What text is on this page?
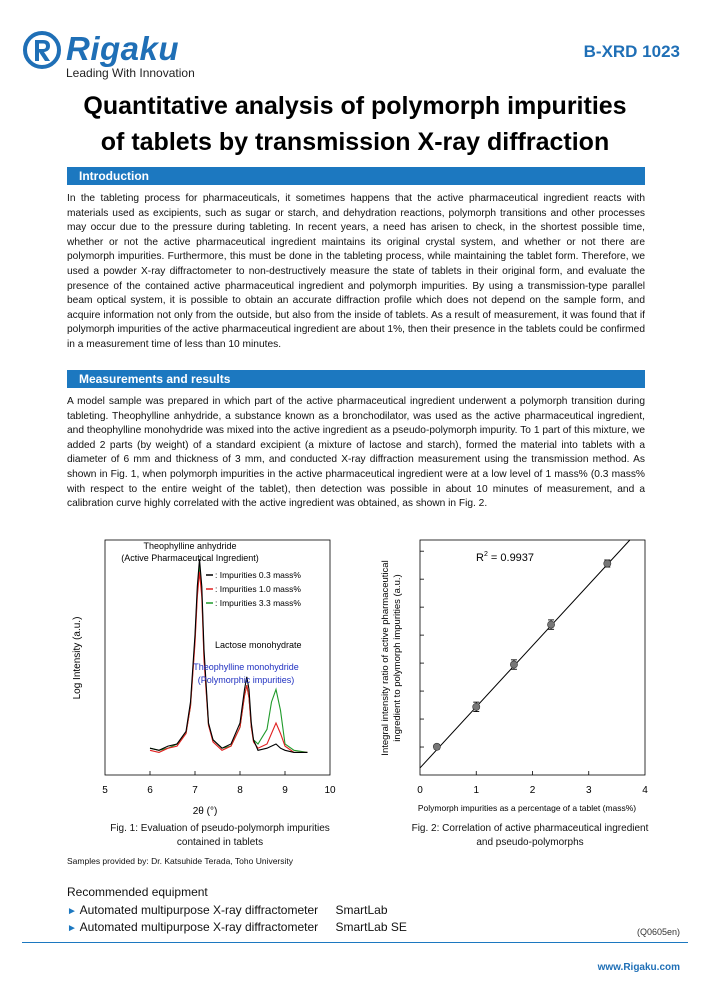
Rigaku
Leading With Innovation
B-XRD 1023
Quantitative analysis of polymorph impurities
of tablets by transmission X-ray diffraction
Introduction

In the tableting process for pharmaceuticals, it sometimes happens that the active pharmaceutical ingredient reacts with materials used as excipients, such as sugar or starch, and dehydration reactions, polymorph transitions and other processes may occur due to the pressure during tableting. In recent years, a need has arisen to check, in the shortest possible time, whether or not the active pharmaceutical ingredient maintains its original crystal system, and whether or not there are polymorph impurities. Furthermore, this must be done in the tableting process, while maintaining the tablet form. Therefore, we used a powder X-ray diffractometer to non-destructively measure the state of tablets in their original form, and evaluate the presence of the contained active pharmaceutical ingredient and polymorph impurities. By using a transmission-type parallel beam optical system, it is possible to obtain an accurate diffraction profile which does not depend on the sample form, and acquire information not only from the outside, but also from the inside of tablets. As a result of measurement, it was found that if polymorph impurities of the active pharmaceutical ingredient are about 1%, then their presence in the tablets could be confirmed in a measurement time of less than 10 minutes.

Measurements and results

A model sample was prepared in which part of the active pharmaceutical ingredient underwent a polymorph transition during tableting. Theophylline anhydride, a substance known as a bronchodilator, was used as the active pharmaceutical ingredient, and theophylline monohydride was mixed into the active ingredient as a pseudo-polymorph impurity. To 1 part of this mixture, we added 2 parts (by weight) of a standard excipient (a mixture of lactose and starch), formed the material into tablets with a diameter of 6 mm and thickness of 3 mm, and conducted X-ray diffraction measurement using the transmission method. As shown in Fig. 1, when polymorph impurities in the active pharmaceutical ingredient were at a low level of 1 mass% (0.3 mass% with respect to the entire weight of the tablet), then detection was possible in about 10 minutes of measurement, and a calibration curve highly correlated with the active ingredient was obtained, as shown in Fig. 2.

Log Intensity (a.u.)
5	6	7	8	9	10
2θ (°)
Theophylline anhydride
(Active Pharmaceutical Ingredient)
Lactose monohydrate
Theophylline monohydride
(Polymorphic impurities)
: Impurities 0.3 mass%
: Impurities 1.0 mass%
: Impurities 3.3 mass%
Fig. 1: Evaluation of pseudo-polymorph impurities
contained in tablets
Integral intensity ratio of active pharmaceutical ingredient to polymorph impurities (a.u.)
0	1	2	3	4
Polymorph impurities as a percentage of a tablet (mass%)
$R^2 = 0.9937$
Fig. 2: Correlation of active pharmaceutical ingredient
and pseudo-polymorphs
Samples provided by: Dr. Katsuhide Terada, Toho University
Recommended equipment
► Automated multipurpose X-ray diffractometer SmartLab
► Automated multipurpose X-ray diffractometer SmartLab SE	(Q0605en)
www.Rigaku.com
